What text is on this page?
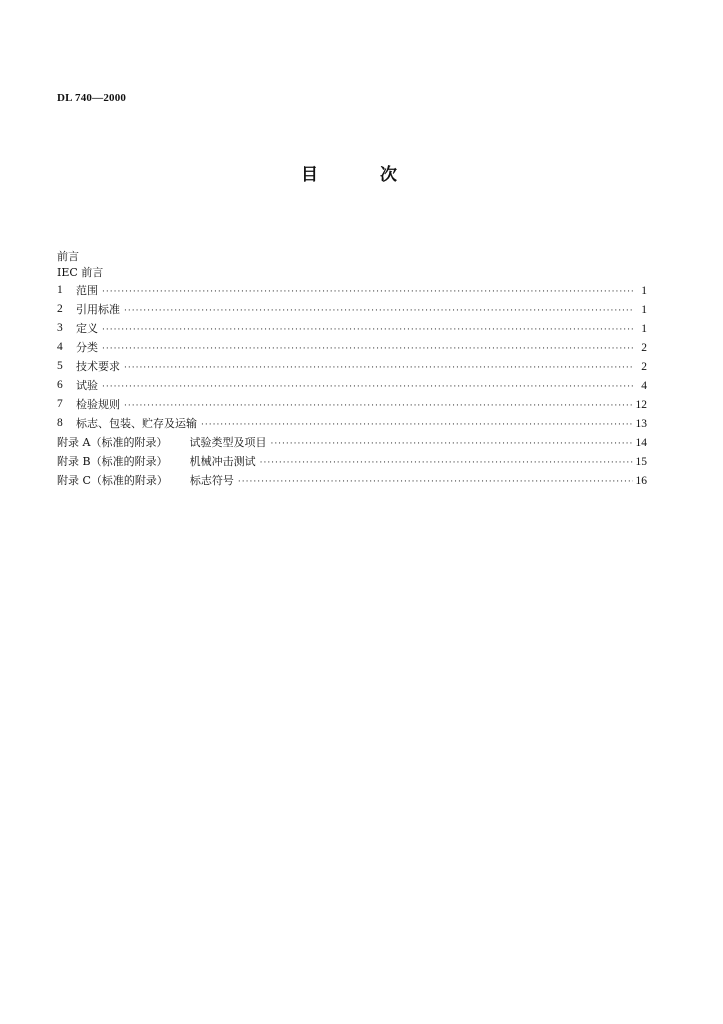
DL 740—2000
目	次
前言
IEC 前言
1	范围 ·····	1
2	引用标准 ·····	1
3	定义 ·····	1
4	分类 ·····	2
5	技术要求 ·····	2
6	试验 ·····	4
7	检验规则 ·····	12
8	标志、包装、贮存及运输 ·····	13
附录 A（标准的附录） 试验类型及项目 ·····	14
附录 B（标准的附录） 机械冲击测试 ·····	15
附录 C（标准的附录） 标志符号 ·····	16
